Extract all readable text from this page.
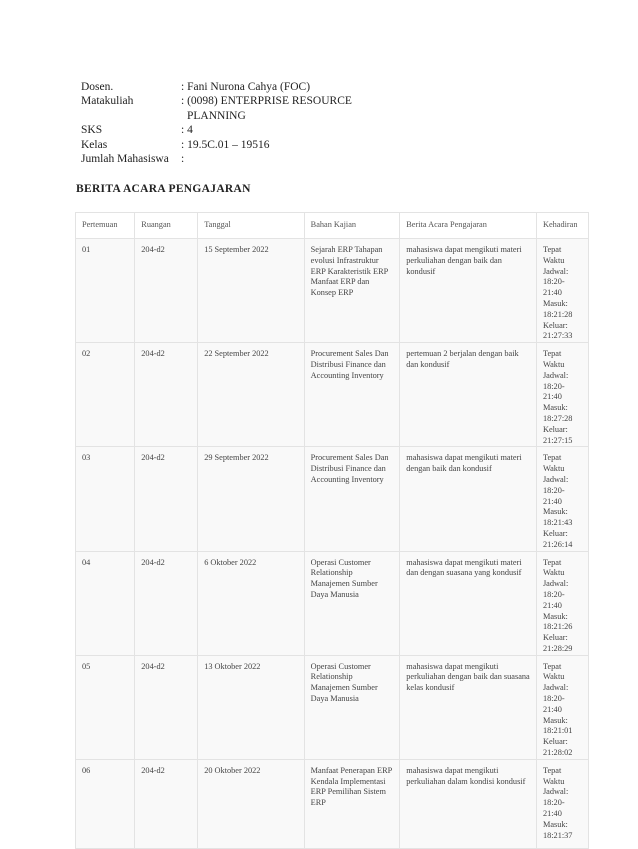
Dosen.	: Fani Nurona Cahya (FOC)
Matakuliah	: (0098) ENTERPRISE RESOURCE
PLANNING
SKS	: 4
Kelas	: 19.5C.01 – 19516
Jumlah Mahasiswa	:
BERITA ACARA PENGAJARAN
Pertemuan	Ruangan	Tanggal	Bahan Kajian	Berita Acara Pengajaran	Kehadiran
01	204-d2	15 September 2022	Sejarah ERP Tahapan evolusi Infrastruktur ERP Karakteristik ERP Manfaat ERP dan Konsep ERP	mahasiswa dapat mengikuti materi perkuliahan dengan baik dan kondusif	Tepat Waktu Jadwal: 18:20-21:40 Masuk: 18:21:28 Keluar: 21:27:33
02	204-d2	22 September 2022	Procurement Sales Dan Distribusi Finance dan Accounting Inventory	pertemuan 2 berjalan dengan baik dan kondusif	Tepat Waktu Jadwal: 18:20-21:40 Masuk: 18:27:28 Keluar: 21:27:15
03	204-d2	29 September 2022	Procurement Sales Dan Distribusi Finance dan Accounting Inventory	mahasiswa dapat mengikuti materi dengan baik dan kondusif	Tepat Waktu Jadwal: 18:20-21:40 Masuk: 18:21:43 Keluar: 21:26:14
04	204-d2	6 Oktober 2022	Operasi Customer Relationship Manajemen Sumber Daya Manusia	mahasiswa dapat mengikuti materi dan dengan suasana yang kondusif	Tepat Waktu Jadwal: 18:20-21:40 Masuk: 18:21:26 Keluar: 21:28:29
05	204-d2	13 Oktober 2022	Operasi Customer Relationship Manajemen Sumber Daya Manusia	mahasiswa dapat mengikuti perkuliahan dengan baik dan suasana kelas kondusif	Tepat Waktu Jadwal: 18:20-21:40 Masuk: 18:21:01 Keluar: 21:28:02
06	204-d2	20 Oktober 2022	Manfaat Penerapan ERP Kendala Implementasi ERP Pemilihan Sistem ERP	mahasiswa dapat mengikuti perkuliahan dalam kondisi kondusif	Tepat Waktu Jadwal: 18:20-21:40 Masuk: 18:21:37
